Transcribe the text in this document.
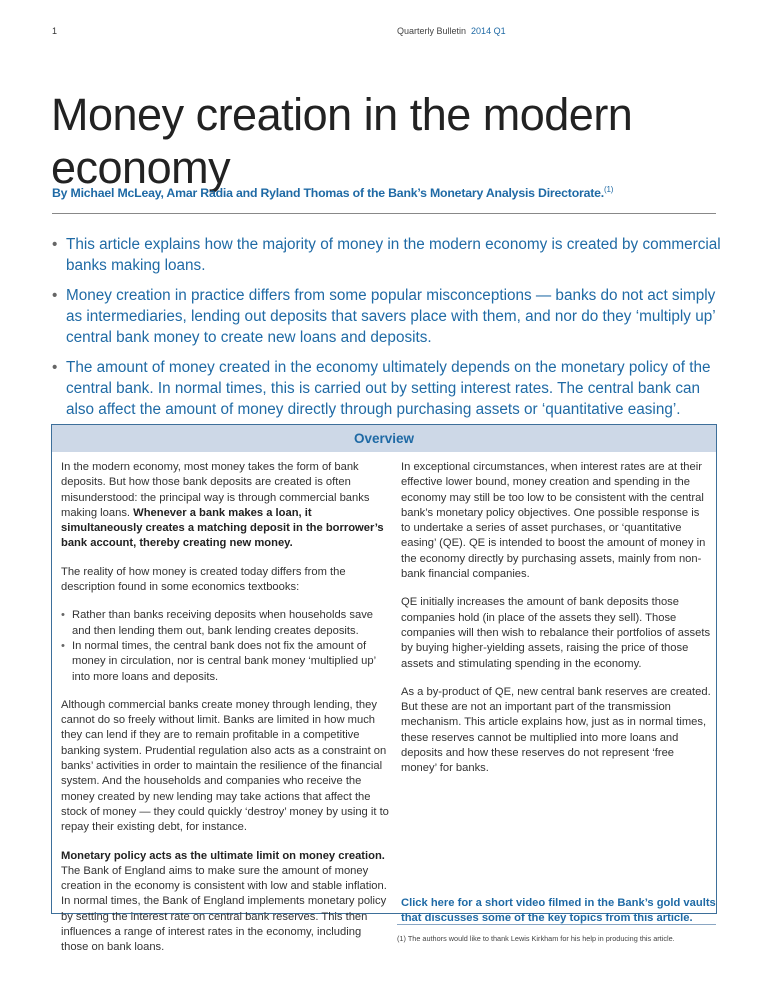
1	Quarterly Bulletin 2014 Q1
Money creation in the modern economy
By Michael McLeay, Amar Radia and Ryland Thomas of the Bank’s Monetary Analysis Directorate.$^{(1)}$
• This article explains how the majority of money in the modern economy is created by commercial banks making loans.
• Money creation in practice differs from some popular misconceptions — banks do not act simply as intermediaries, lending out deposits that savers place with them, and nor do they ‘multiply up’ central bank money to create new loans and deposits.
• The amount of money created in the economy ultimately depends on the monetary policy of the central bank. In normal times, this is carried out by setting interest rates. The central bank can also affect the amount of money directly through purchasing assets or ‘quantitative easing’.
Overview

In the modern economy, most money takes the form of bank deposits. But how those bank deposits are created is often misunderstood: the principal way is through commercial banks making loans. Whenever a bank makes a loan, it simultaneously creates a matching deposit in the borrower’s bank account, thereby creating new money.

The reality of how money is created today differs from the description found in some economics textbooks:

• Rather than banks receiving deposits when households save and then lending them out, bank lending creates deposits.
• In normal times, the central bank does not fix the amount of money in circulation, nor is central bank money ‘multiplied up’ into more loans and deposits.

Although commercial banks create money through lending, they cannot do so freely without limit. Banks are limited in how much they can lend if they are to remain profitable in a competitive banking system. Prudential regulation also acts as a constraint on banks’ activities in order to maintain the resilience of the financial system. And the households and companies who receive the money created by new lending may take actions that affect the stock of money — they could quickly ‘destroy’ money by using it to repay their existing debt, for instance.

Monetary policy acts as the ultimate limit on money creation. The Bank of England aims to make sure the amount of money creation in the economy is consistent with low and stable inflation. In normal times, the Bank of England implements monetary policy by setting the interest rate on central bank reserves. This then influences a range of interest rates in the economy, including those on bank loans.

In exceptional circumstances, when interest rates are at their effective lower bound, money creation and spending in the economy may still be too low to be consistent with the central bank’s monetary policy objectives. One possible response is to undertake a series of asset purchases, or ‘quantitative easing’ (QE). QE is intended to boost the amount of money in the economy directly by purchasing assets, mainly from non-bank financial companies.

QE initially increases the amount of bank deposits those companies hold (in place of the assets they sell). Those companies will then wish to rebalance their portfolios of assets by buying higher-yielding assets, raising the price of those assets and stimulating spending in the economy.

As a by-product of QE, new central bank reserves are created. But these are not an important part of the transmission mechanism. This article explains how, just as in normal times, these reserves cannot be multiplied into more loans and deposits and how these reserves do not represent ‘free money’ for banks.

Click here for a short video filmed in the Bank’s gold vaults that discusses some of the key topics from this article.
(1) The authors would like to thank Lewis Kirkham for his help in producing this article.
